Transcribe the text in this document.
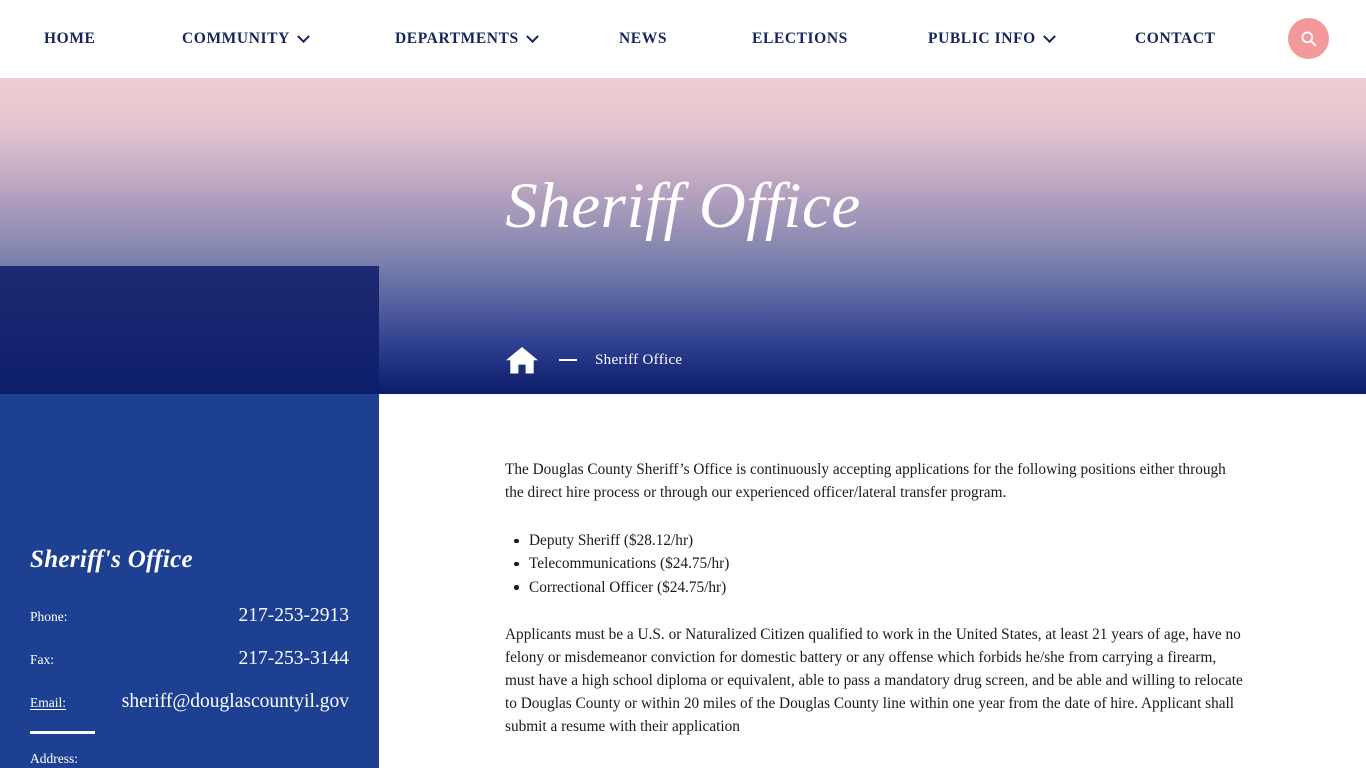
HOME	COMMUNITY	DEPARTMENTS	NEWS	ELECTIONS	PUBLIC INFO	CONTACT
Sheriff Office
Sheriff Office
Sheriff's Office
Phone:	217-253-2913
Fax:	217-253-3144
Email:	sheriff@douglascountyil.gov
Address:

The Douglas County Sheriff’s Office is continuously accepting applications for the following positions either through the direct hire process or through our experienced officer/lateral transfer program.

Deputy Sheriff ($28.12/hr)
Telecommunications ($24.75/hr)
Correctional Officer ($24.75/hr)

Applicants must be a U.S. or Naturalized Citizen qualified to work in the United States, at least 21 years of age, have no felony or misdemeanor conviction for domestic battery or any offense which forbids he/she from carrying a firearm, must have a high school diploma or equivalent, able to pass a mandatory drug screen, and be able and willing to relocate to Douglas County or within 20 miles of the Douglas County line within one year from the date of hire. Applicant shall submit a resume with their application
